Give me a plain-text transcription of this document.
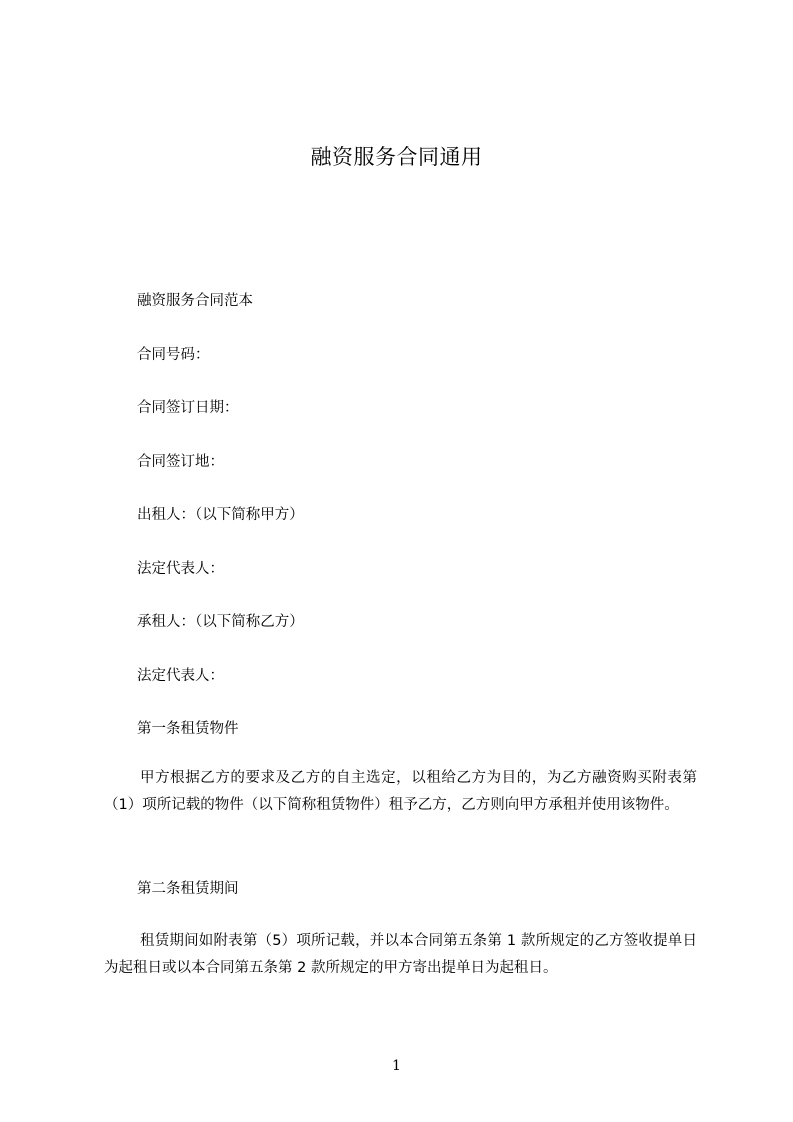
融资服务合同通用
融资服务合同范本
合同号码：
合同签订日期：
合同签订地：
出租人：（以下简称甲方）
法定代表人：
承租人：（以下简称乙方）
法定代表人：
第一条租赁物件

甲方根据乙方的要求及乙方的自主选定，以租给乙方为目的，为乙方融资购买附表第（1）项所记载的物件（以下简称租赁物件）租予乙方，乙方则向甲方承租并使用该物件。

第二条租赁期间

租赁期间如附表第（5）项所记载，并以本合同第五条第 1 款所规定的乙方签收提单日为起租日或以本合同第五条第 2 款所规定的甲方寄出提单日为起租日。

1
